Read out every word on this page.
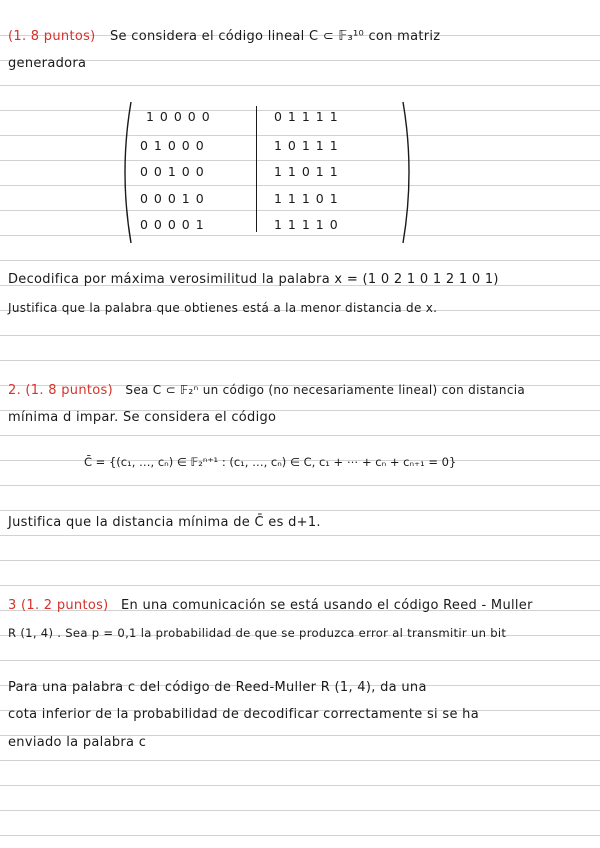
(1. 8 puntos) Se considera el código lineal C ⊂ 𝔽₃¹⁰ con matriz
generadora
1 0 0 0 0
0 1 0 0 0
0 0 1 0 0
0 0 0 1 0
0 0 0 0 1
0 1 1 1 1
1 0 1 1 1
1 1 0 1 1
1 1 1 0 1
1 1 1 1 0
Decodifica por máxima verosimilitud la palabra x = (1 0 2 1 0 1 2 1 0 1)
Justifica que la palabra que obtienes está a la menor distancia de x.
2. (1. 8 puntos) Sea C ⊂ 𝔽₂ⁿ un código (no necesariamente lineal) con distancia
mínima d impar. Se considera el código
C̄ = {(c₁, …, cₙ) ∈ 𝔽₂ⁿ⁺¹ : (c₁, …, cₙ) ∈ C, c₁ + ⋯ + cₙ + cₙ₊₁ = 0}
Justifica que la distancia mínima de C̄ es d+1.
3 (1. 2 puntos) En una comunicación se está usando el código Reed - Muller
R (1, 4) . Sea p = 0,1 la probabilidad de que se produzca error al transmitir un bit
Para una palabra c del código de Reed-Muller R (1, 4), da una
cota inferior de la probabilidad de decodificar correctamente si se ha
enviado la palabra c
